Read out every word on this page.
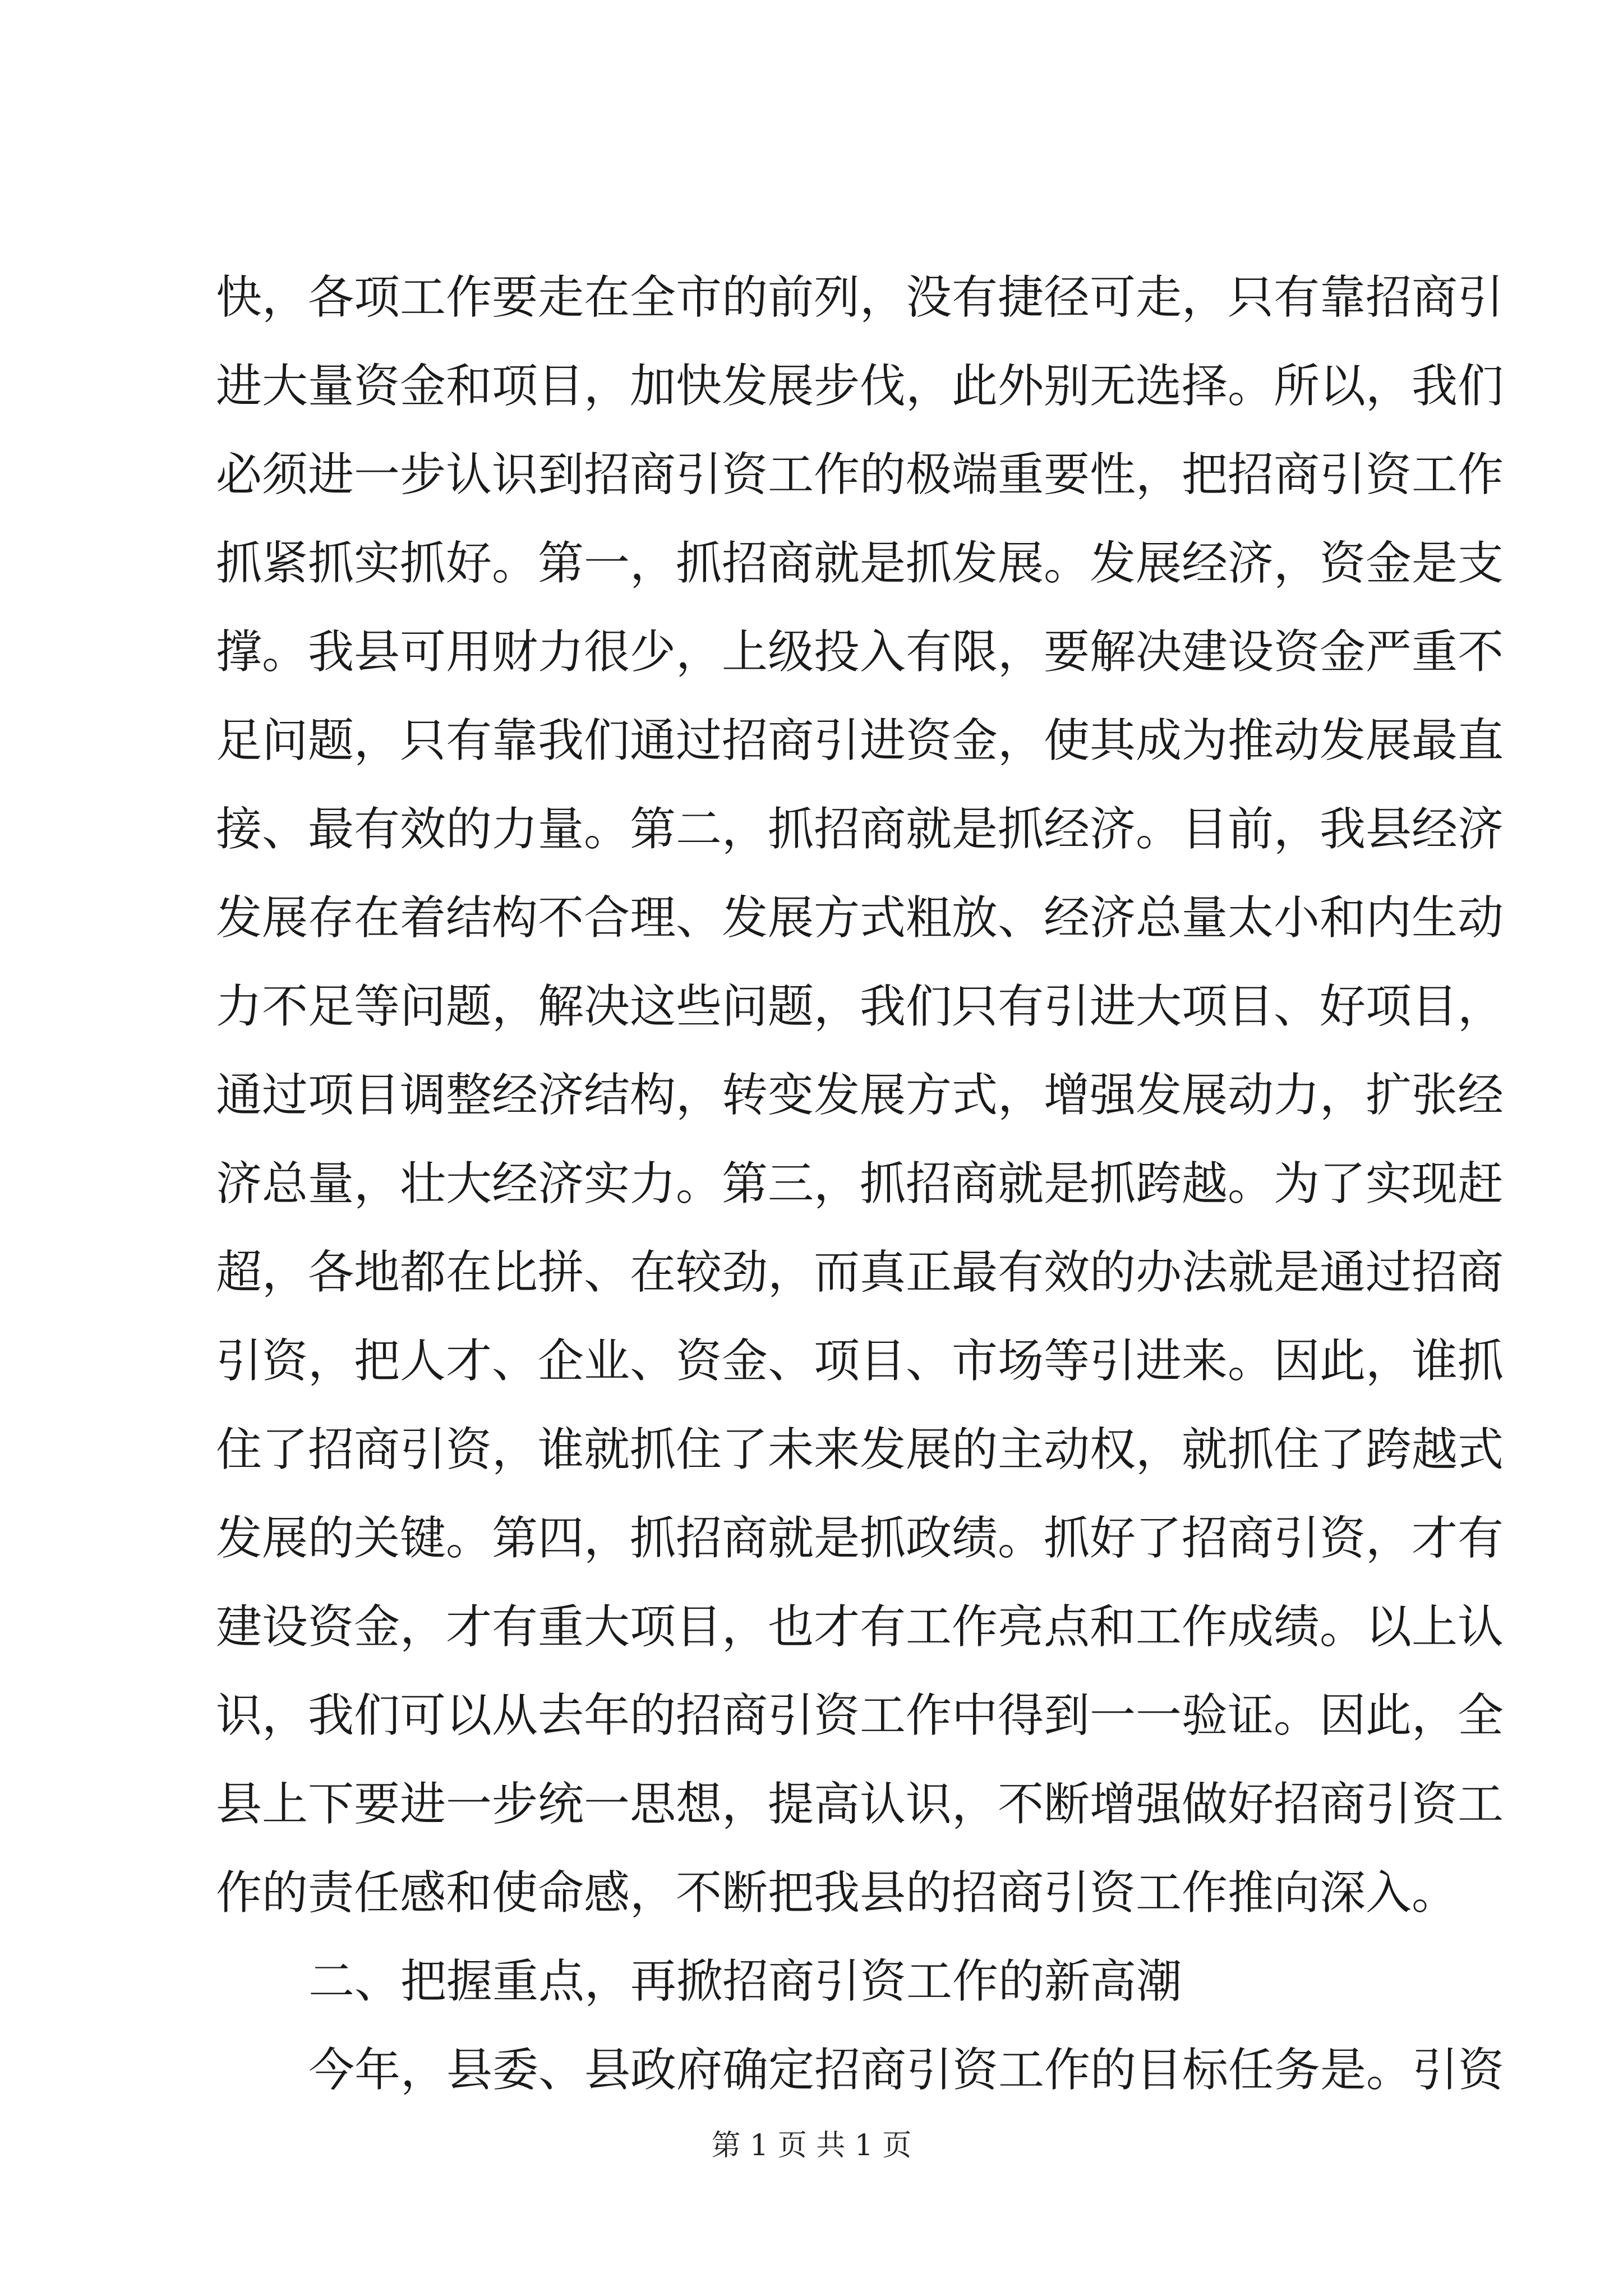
快，各项工作要走在全市的前列，没有捷径可走，只有靠招商引
进大量资金和项目，加快发展步伐，此外别无选择。所以，我们
必须进一步认识到招商引资工作的极端重要性，把招商引资工作
抓紧抓实抓好。第一，抓招商就是抓发展。发展经济，资金是支
撑。我县可用财力很少，上级投入有限，要解决建设资金严重不
足问题，只有靠我们通过招商引进资金，使其成为推动发展最直
接、最有效的力量。第二，抓招商就是抓经济。目前，我县经济
发展存在着结构不合理、发展方式粗放、经济总量太小和内生动
力不足等问题，解决这些问题，我们只有引进大项目、好项目，
通过项目调整经济结构，转变发展方式，增强发展动力，扩张经
济总量，壮大经济实力。第三，抓招商就是抓跨越。为了实现赶
超，各地都在比拼、在较劲，而真正最有效的办法就是通过招商
引资，把人才、企业、资金、项目、市场等引进来。因此，谁抓
住了招商引资，谁就抓住了未来发展的主动权，就抓住了跨越式
发展的关键。第四，抓招商就是抓政绩。抓好了招商引资，才有
建设资金，才有重大项目，也才有工作亮点和工作成绩。以上认
识，我们可以从去年的招商引资工作中得到一一验证。因此，全
县上下要进一步统一思想，提高认识，不断增强做好招商引资工
作的责任感和使命感，不断把我县的招商引资工作推向深入。
二、把握重点，再掀招商引资工作的新高潮
今年，县委、县政府确定招商引资工作的目标任务是。引资
第 1 页 共 1 页
